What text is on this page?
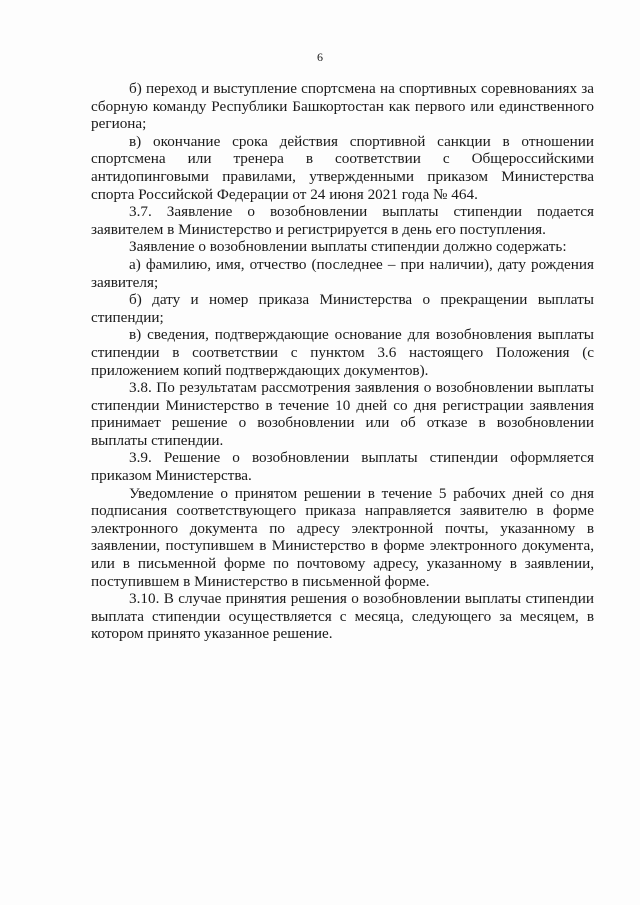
6

б) переход и выступление спортсмена на спортивных соревнованиях за сборную команду Республики Башкортостан как первого или единственного региона;

в) окончание срока действия спортивной санкции в отношении спортсмена или тренера в соответствии с Общероссийскими антидопинговыми правилами, утвержденными приказом Министерства спорта Российской Федерации от 24 июня 2021 года № 464.

3.7. Заявление о возобновлении выплаты стипендии подается заявителем в Министерство и регистрируется в день его поступления.

Заявление о возобновлении выплаты стипендии должно содержать:

а) фамилию, имя, отчество (последнее – при наличии), дату рождения заявителя;

б) дату и номер приказа Министерства о прекращении выплаты стипендии;

в) сведения, подтверждающие основание для возобновления выплаты стипендии в соответствии с пунктом 3.6 настоящего Положения (с приложением копий подтверждающих документов).

3.8. По результатам рассмотрения заявления о возобновлении выплаты стипендии Министерство в течение 10 дней со дня регистрации заявления принимает решение о возобновлении или об отказе в возобновлении выплаты стипендии.

3.9. Решение о возобновлении выплаты стипендии оформляется приказом Министерства.

Уведомление о принятом решении в течение 5 рабочих дней со дня подписания соответствующего приказа направляется заявителю в форме электронного документа по адресу электронной почты, указанному в заявлении, поступившем в Министерство в форме электронного документа, или в письменной форме по почтовому адресу, указанному в заявлении, поступившем в Министерство в письменной форме.

3.10. В случае принятия решения о возобновлении выплаты стипендии выплата стипендии осуществляется с месяца, следующего за месяцем, в котором принято указанное решение.
